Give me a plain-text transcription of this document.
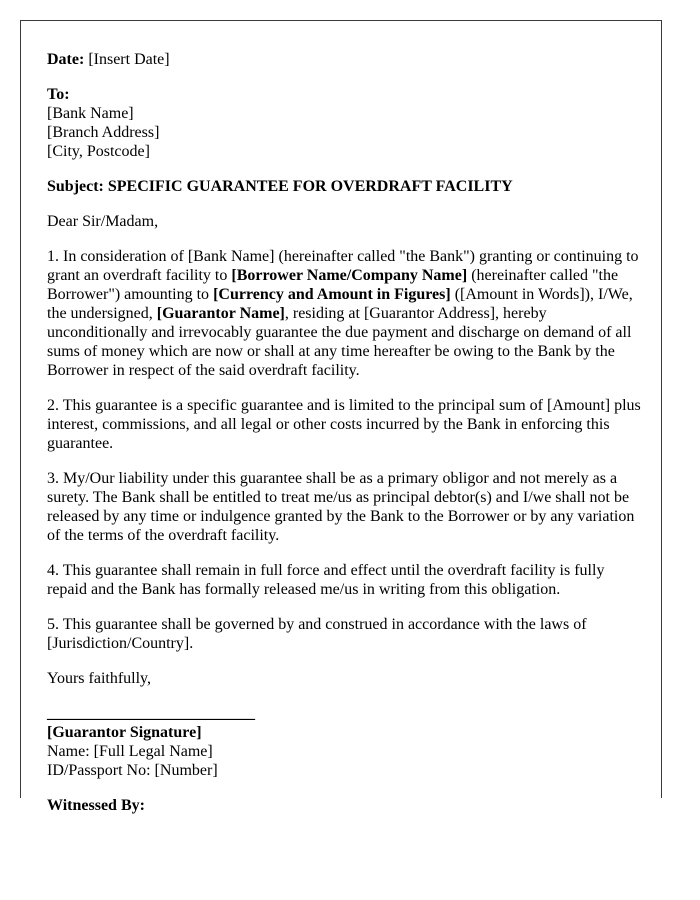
Date: [Insert Date]

To:
[Bank Name]
[Branch Address]
[City, Postcode]

Subject: SPECIFIC GUARANTEE FOR OVERDRAFT FACILITY

Dear Sir/Madam,

1. In consideration of [Bank Name] (hereinafter called "the Bank") granting or continuing to grant an overdraft facility to [Borrower Name/Company Name] (hereinafter called "the Borrower") amounting to [Currency and Amount in Figures] ([Amount in Words]), I/We, the undersigned, [Guarantor Name], residing at [Guarantor Address], hereby unconditionally and irrevocably guarantee the due payment and discharge on demand of all sums of money which are now or shall at any time hereafter be owing to the Bank by the Borrower in respect of the said overdraft facility.

2. This guarantee is a specific guarantee and is limited to the principal sum of [Amount] plus interest, commissions, and all legal or other costs incurred by the Bank in enforcing this guarantee.

3. My/Our liability under this guarantee shall be as a primary obligor and not merely as a surety. The Bank shall be entitled to treat me/us as principal debtor(s) and I/we shall not be released by any time or indulgence granted by the Bank to the Borrower or by any variation of the terms of the overdraft facility.

4. This guarantee shall remain in full force and effect until the overdraft facility is fully repaid and the Bank has formally released me/us in writing from this obligation.

5. This guarantee shall be governed by and construed in accordance with the laws of [Jurisdiction/Country].

Yours faithfully,

__________________________
[Guarantor Signature]
Name: [Full Legal Name]
ID/Passport No: [Number]

Witnessed By:
